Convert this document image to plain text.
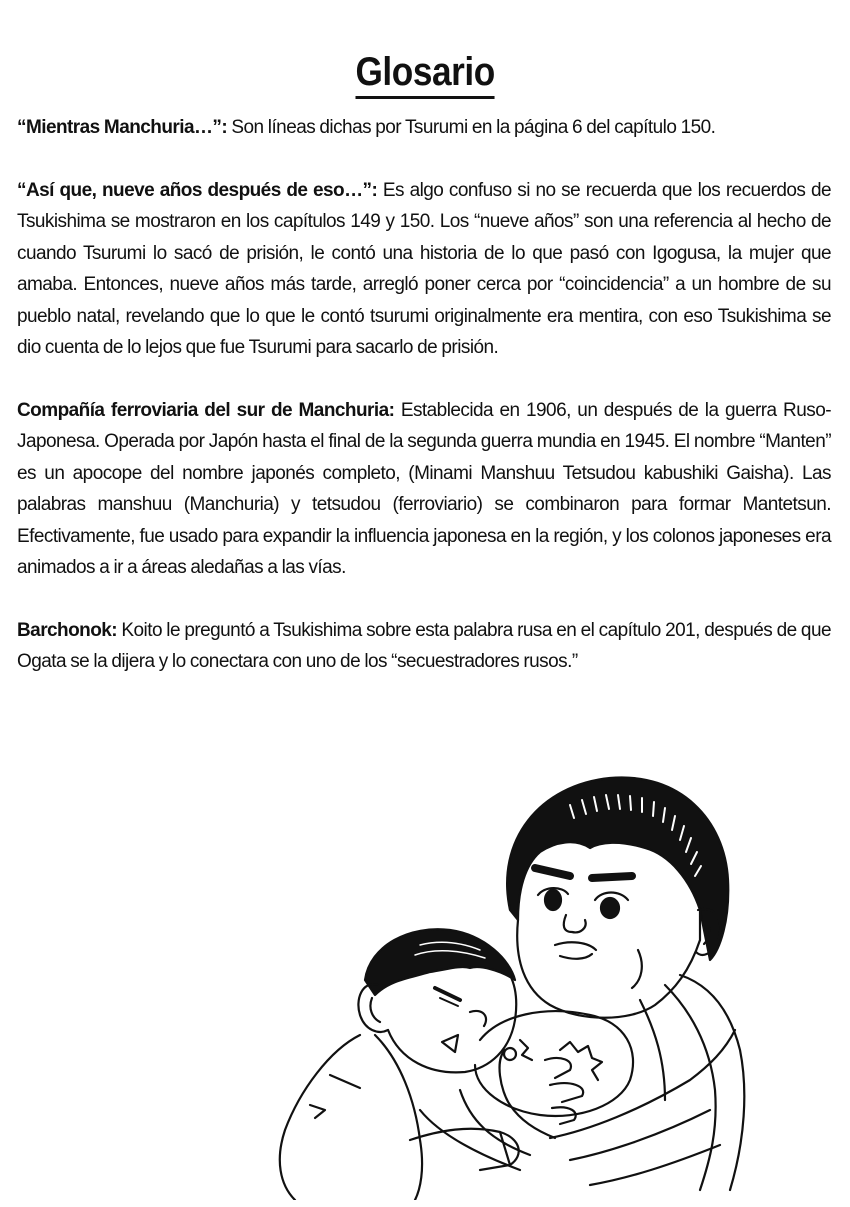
Glosario

“Mientras Manchuria…”: Son líneas dichas por Tsurumi en la página 6 del capítulo 150.

“Así que, nueve años después de eso…”: Es algo confuso si no se recuerda que los recuerdos de Tsukishima se mostraron en los capítulos 149 y 150. Los “nueve años” son una referencia al hecho de cuando Tsurumi lo sacó de prisión, le contó una historia de lo que pasó con Igogusa, la mujer que amaba. Entonces, nueve años más tarde, arregló poner cerca por “coincidencia” a un hombre de su pueblo natal, revelando que lo que le contó tsurumi originalmente era mentira, con eso Tsukishima se dio cuenta de lo lejos que fue Tsurumi para sacarlo de prisión.

Compañía ferroviaria del sur de Manchuria: Establecida en 1906, un después de la guerra Ruso-Japonesa. Operada por Japón hasta el final de la segunda guerra mundia en 1945. El nombre “Manten” es un apocope del nombre japonés completo, (Minami Manshuu Tetsudou kabushiki Gaisha). Las palabras manshuu (Manchuria) y tetsudou (ferroviario) se combinaron para formar Mantetsun. Efectivamente, fue usado para expandir la influencia japonesa en la región, y los colonos japoneses era animados a ir a áreas aledañas a las vías.

Barchonok: Koito le preguntó a Tsukishima sobre esta palabra rusa en el capítulo 201, después de que Ogata se la dijera y lo conectara con uno de los “secuestradores rusos.”
